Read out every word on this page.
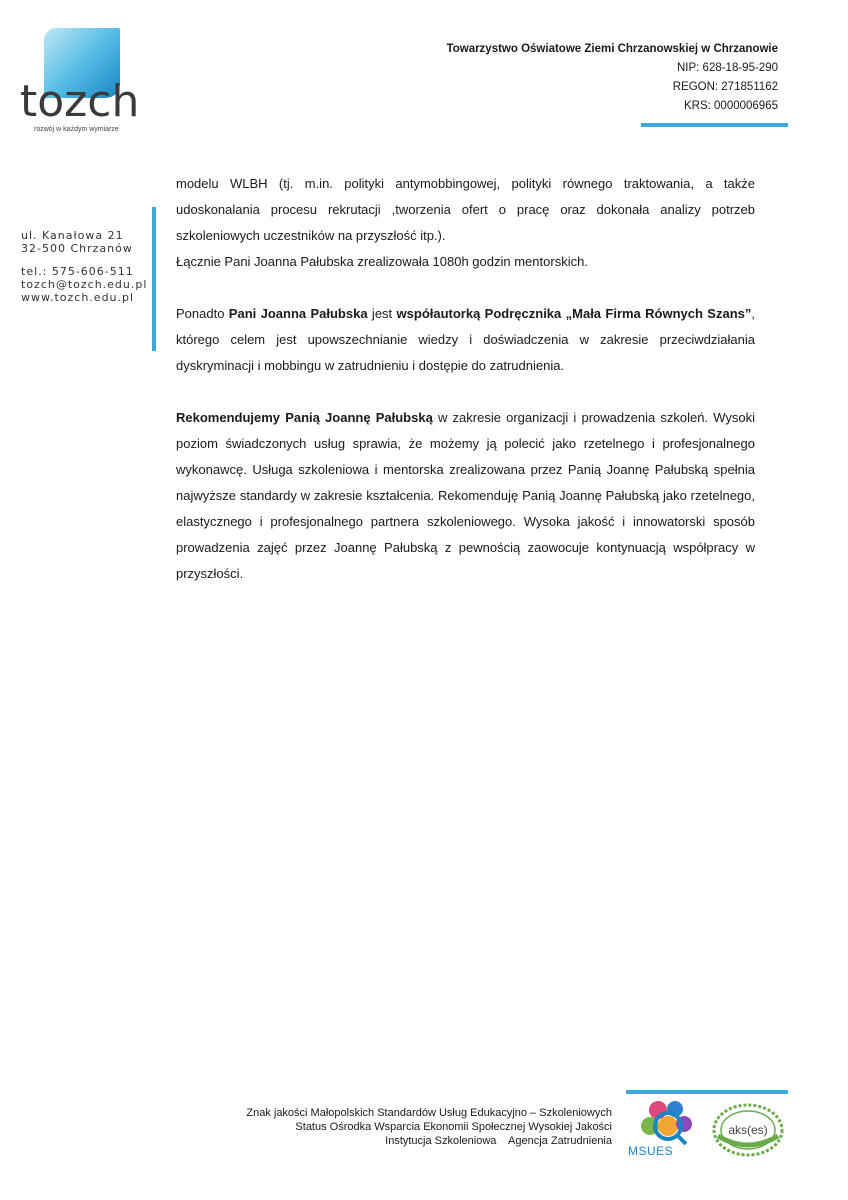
tozch
rozwój w każdym wymiarze
Towarzystwo Oświatowe Ziemi Chrzanowskiej w Chrzanowie
NIP: 628-18-95-290
REGON: 271851162
KRS: 0000006965
ul. Kanałowa 21
32-500 Chrzanów
tel.: 575-606-511
tozch@tozch.edu.pl
www.tozch.edu.pl

modelu WLBH (tj. m.in. polityki antymobbingowej, polityki równego traktowania, a także udoskonalania procesu rekrutacji ,tworzenia ofert o pracę oraz dokonała analizy potrzeb szkoleniowych uczestników na przyszłość itp.).

Łącznie Pani Joanna Pałubska zrealizowała 1080h godzin mentorskich.

Ponadto Pani Joanna Pałubska jest współautorką Podręcznika „Mała Firma Równych Szans”, którego celem jest upowszechnianie wiedzy i doświadczenia w zakresie przeciwdziałania dyskryminacji i mobbingu w zatrudnieniu i dostępie do zatrudnienia.

Rekomendujemy Panią Joannę Pałubską w zakresie organizacji i prowadzenia szkoleń. Wysoki poziom świadczonych usług sprawia, że możemy ją polecić jako rzetelnego i profesjonalnego wykonawcę. Usługa szkoleniowa i mentorska zrealizowana przez Panią Joannę Pałubską spełnia najwyższe standardy w zakresie kształcenia. Rekomenduję Panią Joannę Pałubską jako rzetelnego, elastycznego i profesjonalnego partnera szkoleniowego. Wysoka jakość i innowatorski sposób prowadzenia zajęć przez Joannę Pałubską z pewnością zaowocuje kontynuacją współpracy w przyszłości.

Znak jakości Małopolskich Standardów Usług Edukacyjno – Szkoleniowych
Status Ośrodka Wsparcia Ekonomii Społecznej Wysokiej Jakości
Instytucja Szkoleniowa    Agencja Zatrudnienia
MSUES
aks(es)
